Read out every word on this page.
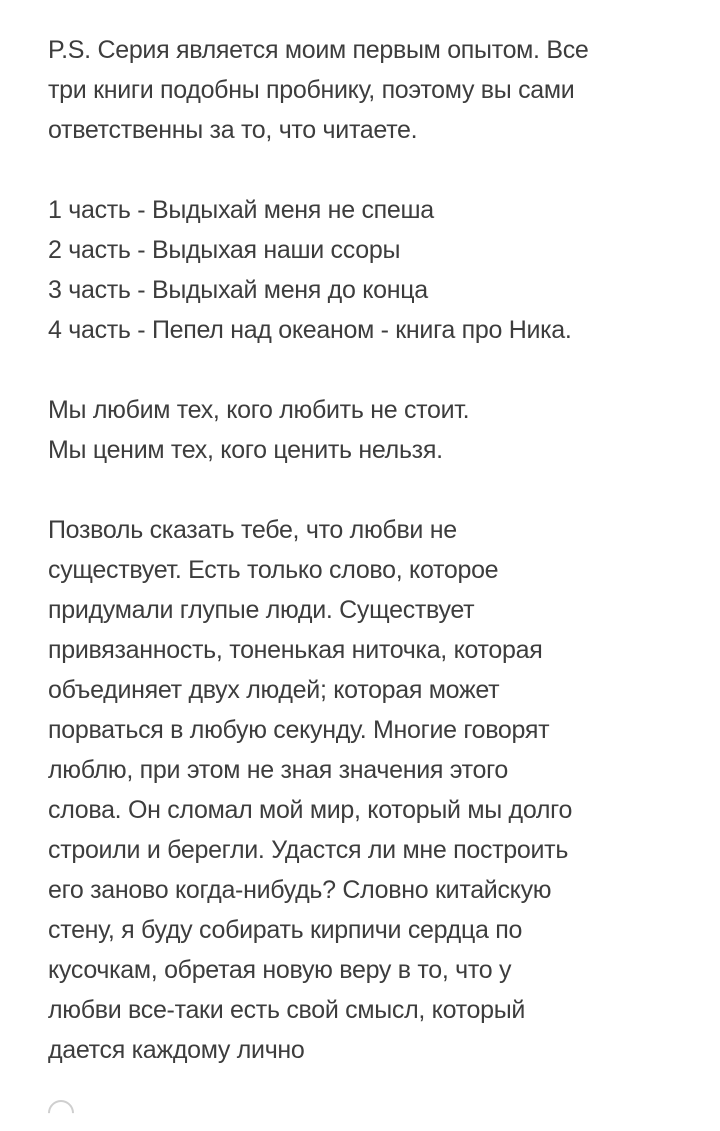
P.S. Серия является моим первым опытом. Все
три книги подобны пробнику, поэтому вы сами
ответственны за то, что читаете.
1 часть - Выдыхай меня не спеша
2 часть - Выдыхая наши ссоры
3 часть - Выдыхай меня до конца
4 часть - Пепел над океаном - книга про Ника.
Мы любим тех, кого любить не стоит.
Мы ценим тех, кого ценить нельзя.
Позволь сказать тебе, что любви не
существует. Есть только слово, которое
придумали глупые люди. Существует
привязанность, тоненькая ниточка, которая
объединяет двух людей; которая может
порваться в любую секунду. Многие говорят
люблю, при этом не зная значения этого
слова. Он сломал мой мир, который мы долго
строили и берегли. Удастся ли мне построить
его заново когда-нибудь? Словно китайскую
стену, я буду собирать кирпичи сердца по
кусочкам, обретая новую веру в то, что у
любви все-таки есть свой смысл, который
дается каждому лично
